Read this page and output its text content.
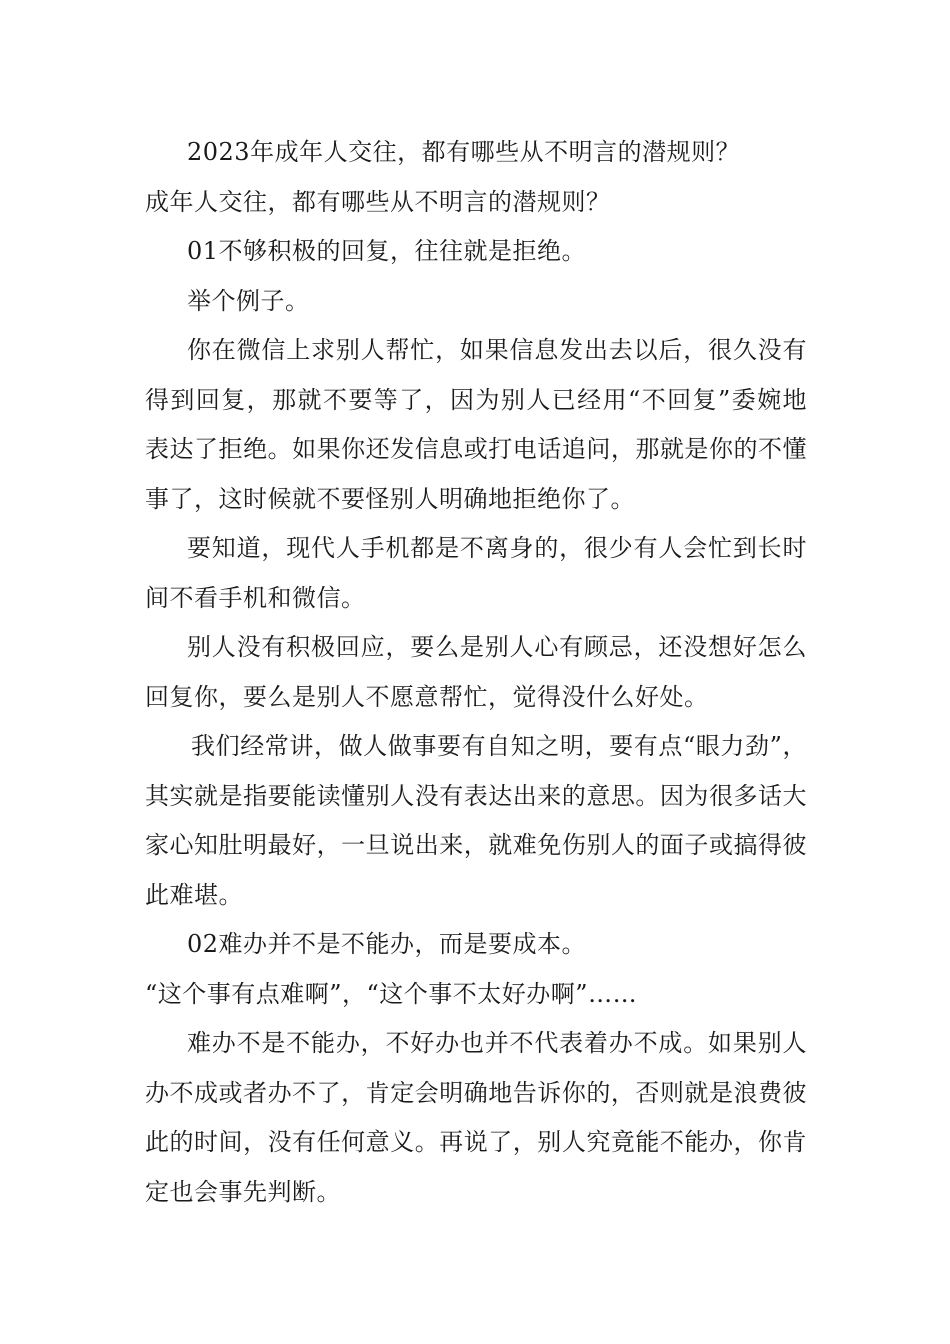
2023年成年人交往，都有哪些从不明言的潜规则？

成年人交往，都有哪些从不明言的潜规则？

01不够积极的回复，往往就是拒绝。

举个例子。

你在微信上求别人帮忙，如果信息发出去以后，很久没有得到回复，那就不要等了，因为别人已经用“不回复”委婉地表达了拒绝。如果你还发信息或打电话追问，那就是你的不懂事了，这时候就不要怪别人明确地拒绝你了。

要知道，现代人手机都是不离身的，很少有人会忙到长时间不看手机和微信。

别人没有积极回应，要么是别人心有顾忌，还没想好怎么回复你，要么是别人不愿意帮忙，觉得没什么好处。

我们经常讲，做人做事要有自知之明，要有点“眼力劲”，其实就是指要能读懂别人没有表达出来的意思。因为很多话大家心知肚明最好，一旦说出来，就难免伤别人的面子或搞得彼此难堪。

02难办并不是不能办，而是要成本。

“这个事有点难啊”，“这个事不太好办啊”……

难办不是不能办，不好办也并不代表着办不成。如果别人办不成或者办不了，肯定会明确地告诉你的，否则就是浪费彼此的时间，没有任何意义。再说了，别人究竟能不能办，你肯定也会事先判断。
